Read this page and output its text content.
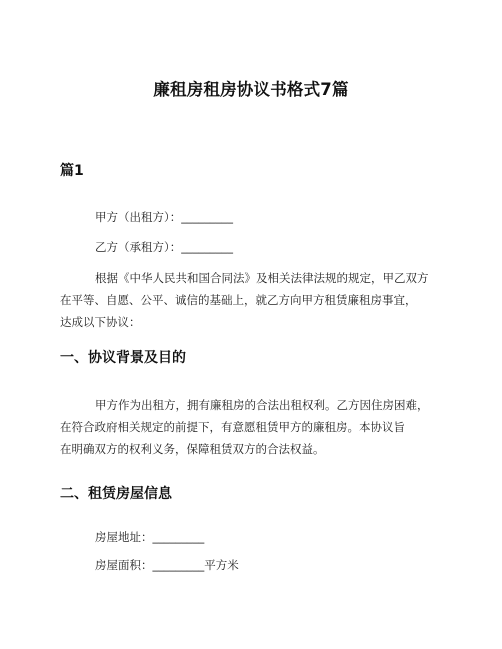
廉租房租房协议书格式7篇
篇1
甲方（出租方）：_________
乙方（承租方）：_________
根据《中华人民共和国合同法》及相关法律法规的规定，甲乙双方
在平等、自愿、公平、诚信的基础上，就乙方向甲方租赁廉租房事宜，
达成以下协议：
一、协议背景及目的
甲方作为出租方，拥有廉租房的合法出租权利。乙方因住房困难，
在符合政府相关规定的前提下，有意愿租赁甲方的廉租房。本协议旨
在明确双方的权利义务，保障租赁双方的合法权益。
二、租赁房屋信息
房屋地址：_________
房屋面积：_________平方米
